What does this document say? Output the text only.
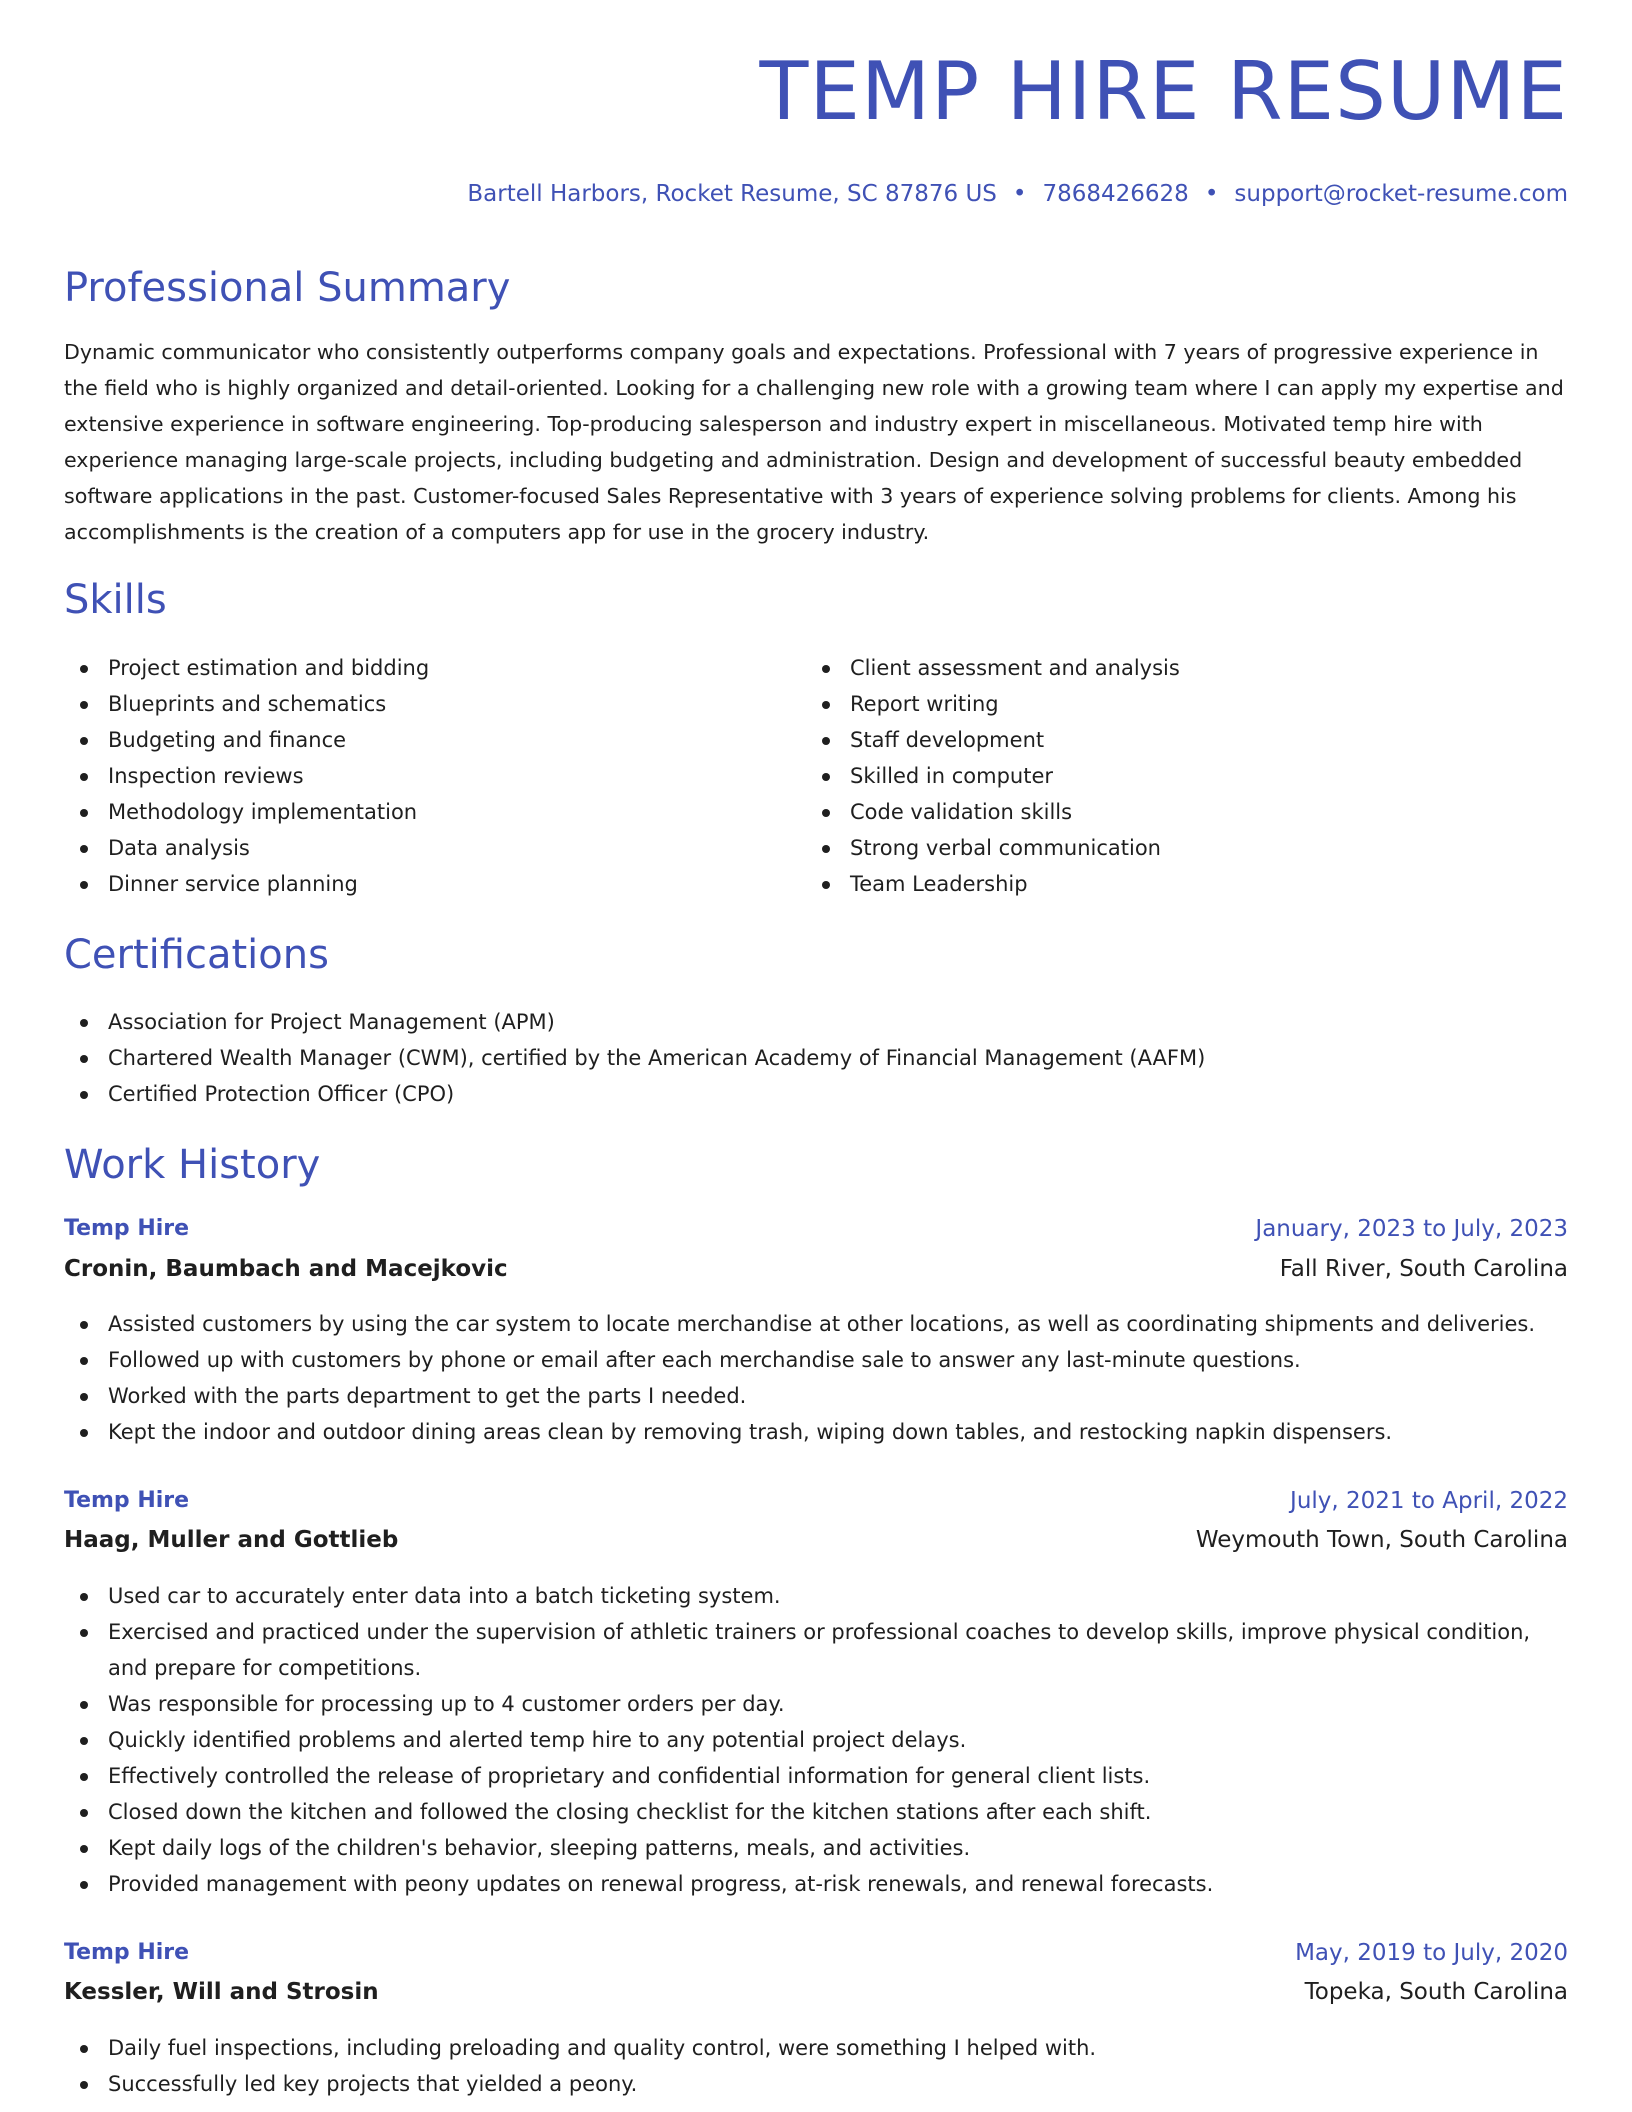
TEMP HIRE RESUME
Bartell Harbors, Rocket Resume, SC 87876 US • 7868426628 • support@rocket-resume.com
Professional Summary

Dynamic communicator who consistently outperforms company goals and expectations. Professional with 7 years of progressive experience in the field who is highly organized and detail-oriented. Looking for a challenging new role with a growing team where I can apply my expertise and extensive experience in software engineering. Top-producing salesperson and industry expert in miscellaneous. Motivated temp hire with experience managing large-scale projects, including budgeting and administration. Design and development of successful beauty embedded software applications in the past. Customer-focused Sales Representative with 3 years of experience solving problems for clients. Among his accomplishments is the creation of a computers app for use in the grocery industry.

Skills
Project estimation and bidding
Blueprints and schematics
Budgeting and finance
Inspection reviews
Methodology implementation
Data analysis
Dinner service planning
Client assessment and analysis
Report writing
Staff development
Skilled in computer
Code validation skills
Strong verbal communication
Team Leadership
Certifications
Association for Project Management (APM)
Chartered Wealth Manager (CWM), certified by the American Academy of Financial Management (AAFM)
Certified Protection Officer (CPO)
Work History
Temp Hire	January, 2023 to July, 2023
Cronin, Baumbach and Macejkovic	Fall River, South Carolina
Assisted customers by using the car system to locate merchandise at other locations, as well as coordinating shipments and deliveries.
Followed up with customers by phone or email after each merchandise sale to answer any last-minute questions.
Worked with the parts department to get the parts I needed.
Kept the indoor and outdoor dining areas clean by removing trash, wiping down tables, and restocking napkin dispensers.
Temp Hire	July, 2021 to April, 2022
Haag, Muller and Gottlieb	Weymouth Town, South Carolina
Used car to accurately enter data into a batch ticketing system.
Exercised and practiced under the supervision of athletic trainers or professional coaches to develop skills, improve physical condition, and prepare for competitions.
Was responsible for processing up to 4 customer orders per day.
Quickly identified problems and alerted temp hire to any potential project delays.
Effectively controlled the release of proprietary and confidential information for general client lists.
Closed down the kitchen and followed the closing checklist for the kitchen stations after each shift.
Kept daily logs of the children's behavior, sleeping patterns, meals, and activities.
Provided management with peony updates on renewal progress, at-risk renewals, and renewal forecasts.
Temp Hire	May, 2019 to July, 2020
Kessler, Will and Strosin	Topeka, South Carolina
Daily fuel inspections, including preloading and quality control, were something I helped with.
Successfully led key projects that yielded a peony.
